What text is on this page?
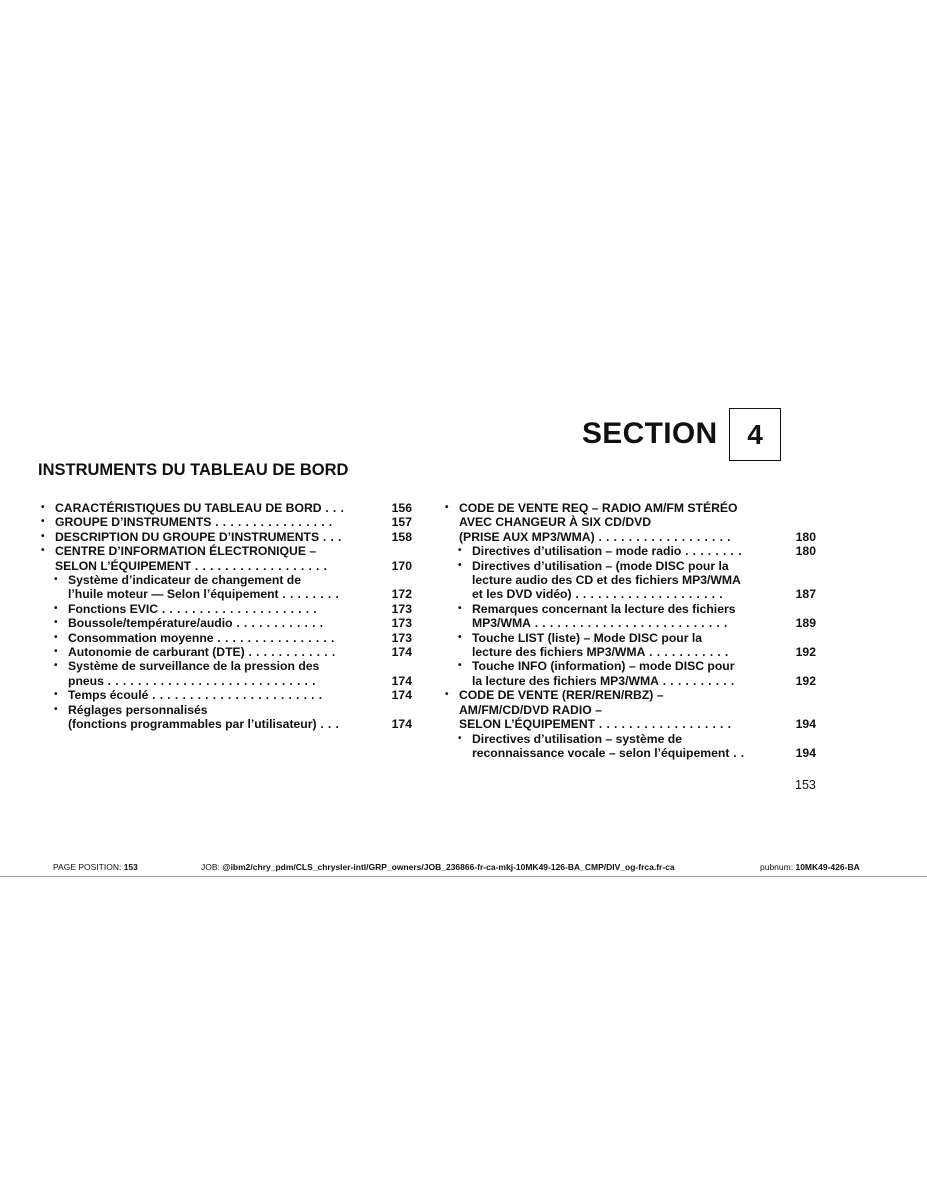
SECTION	4
INSTRUMENTS DU TABLEAU DE BORD
• CARACTÉRISTIQUES DU TABLEAU DE BORD . . .	156
• GROUPE D’INSTRUMENTS . . . . . . . . . . . . . . . .	157
• DESCRIPTION DU GROUPE D’INSTRUMENTS . . .	158
• CENTRE D’INFORMATION ÉLECTRONIQUE –
SELON L’ÉQUIPEMENT . . . . . . . . . . . . . . . . . .	170
• Système d’indicateur de changement de
l’huile moteur — Selon l’équipement . . . . . . . .	172
• Fonctions EVIC . . . . . . . . . . . . . . . . . . . . .	173
• Boussole/température/audio . . . . . . . . . . . .	173
• Consommation moyenne . . . . . . . . . . . . . . . .	173
• Autonomie de carburant (DTE) . . . . . . . . . . . .	174
• Système de surveillance de la pression des
pneus . . . . . . . . . . . . . . . . . . . . . . . . . . . .	174
• Temps écoulé . . . . . . . . . . . . . . . . . . . . . . .	174
• Réglages personnalisés
(fonctions programmables par l’utilisateur) . . .	174
• CODE DE VENTE REQ – RADIO AM/FM STÉRÉO
AVEC CHANGEUR À SIX CD/DVD
(PRISE AUX MP3/WMA) . . . . . . . . . . . . . . . . . .	180
• Directives d’utilisation – mode radio . . . . . . . .	180
• Directives d’utilisation – (mode DISC pour la
lecture audio des CD et des fichiers MP3/WMA
et les DVD vidéo) . . . . . . . . . . . . . . . . . . . .	187
• Remarques concernant la lecture des fichiers
MP3/WMA . . . . . . . . . . . . . . . . . . . . . . . . . .	189
• Touche LIST (liste) – Mode DISC pour la
lecture des fichiers MP3/WMA . . . . . . . . . . .	192
• Touche INFO (information) – mode DISC pour
la lecture des fichiers MP3/WMA . . . . . . . . . .	192
• CODE DE VENTE (RER/REN/RBZ) –
AM/FM/CD/DVD RADIO –
SELON L’ÉQUIPEMENT . . . . . . . . . . . . . . . . . .	194
• Directives d’utilisation – système de
reconnaissance vocale – selon l’équipement . .	194
153
PAGE POSITION: 153	JOB: @ibm2/chry_pdm/CLS_chrysler-intl/GRP_owners/JOB_236866-fr-ca-mkj-10MK49-126-BA_CMP/DIV_og-frca.fr-ca	pubnum: 10MK49-426-BA
